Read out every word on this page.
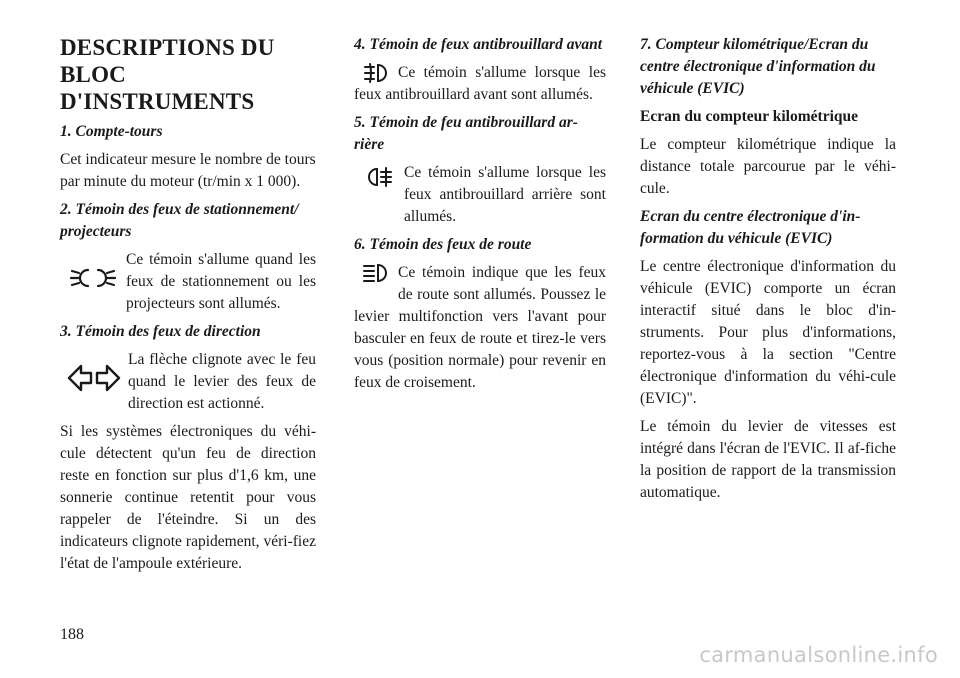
DESCRIPTIONS DU BLOC D'INSTRUMENTS
1. Compte-tours
Cet indicateur mesure le nombre de tours par minute du moteur (tr/min x 1 000).
2. Témoin des feux de stationnement/ projecteurs
Ce témoin s'allume quand les feux de stationnement ou les projecteurs sont allumés.
3. Témoin des feux de direction
La flèche clignote avec le feu quand le levier des feux de direction est actionné.
Si les systèmes électroniques du véhi-cule détectent qu'un feu de direction reste en fonction sur plus d'1,6 km, une sonnerie continue retentit pour vous rappeler de l'éteindre. Si un des indicateurs clignote rapidement, véri-fiez l'état de l'ampoule extérieure.
4. Témoin de feux antibrouillard avant
Ce témoin s'allume lorsque les feux antibrouillard avant sont allumés.
5. Témoin de feu antibrouillard ar-rière
Ce témoin s'allume lorsque les feux antibrouillard arrière sont allumés.
6. Témoin des feux de route
Ce témoin indique que les feux de route sont allumés. Poussez le levier multifonction vers l'avant pour basculer en feux de route et tirez-le vers vous (position normale) pour revenir en feux de croisement.
7. Compteur kilométrique/Ecran du centre électronique d'information du véhicule (EVIC)
Ecran du compteur kilométrique
Le compteur kilométrique indique la distance totale parcourue par le véhi-cule.
Ecran du centre électronique d'in-formation du véhicule (EVIC)
Le centre électronique d'information du véhicule (EVIC) comporte un écran interactif situé dans le bloc d'in-struments. Pour plus d'informations, reportez-vous à la section "Centre électronique d'information du véhi-cule (EVIC)".
Le témoin du levier de vitesses est intégré dans l'écran de l'EVIC. Il af-fiche la position de rapport de la transmission automatique.
188
carmanualsonline.info
